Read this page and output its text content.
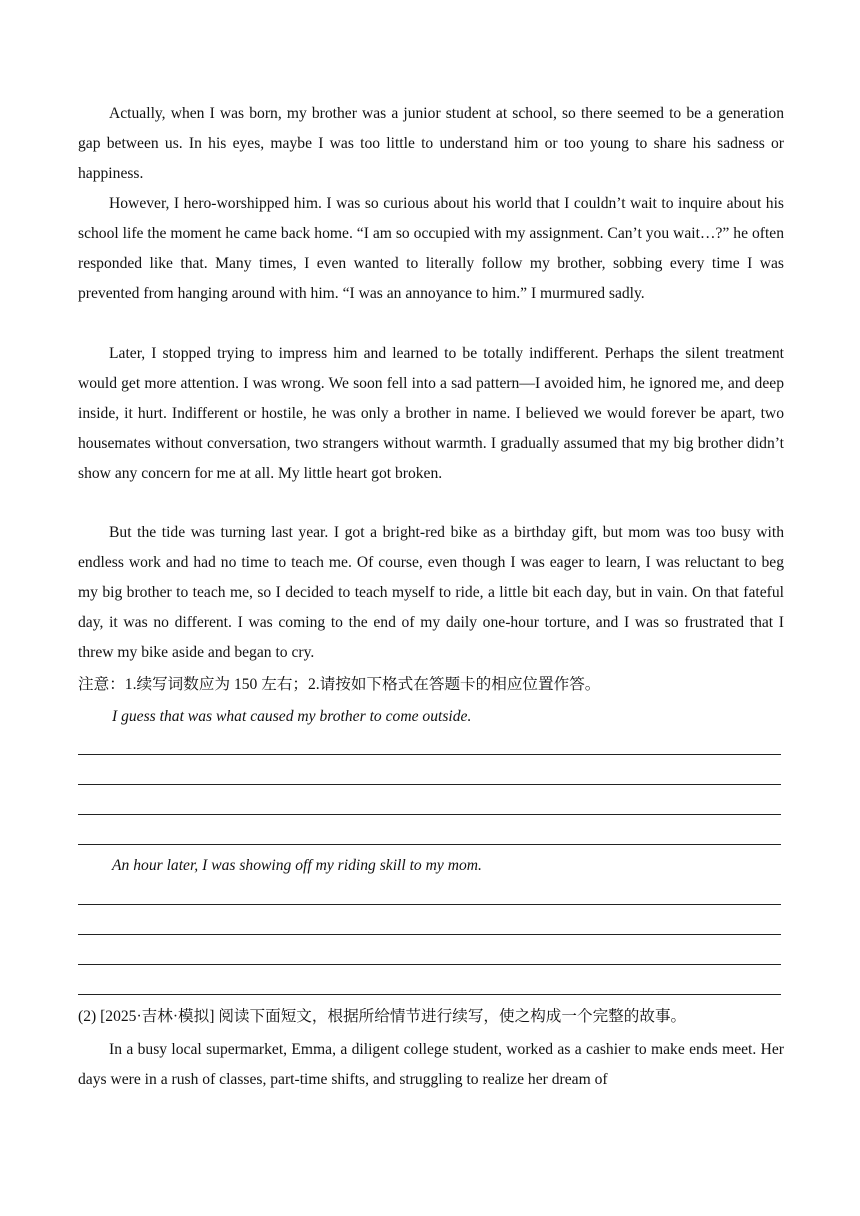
Actually, when I was born, my brother was a junior student at school, so there seemed to be a generation gap between us. In his eyes, maybe I was too little to understand him or too young to share his sadness or happiness.

However, I hero-worshipped him. I was so curious about his world that I couldn’t wait to inquire about his school life the moment he came back home. “I am so occupied with my assignment. Can’t you wait…?” he often responded like that. Many times, I even wanted to literally follow my brother, sobbing every time I was prevented from hanging around with him. “I was an annoyance to him.” I murmured sadly.

Later, I stopped trying to impress him and learned to be totally indifferent. Perhaps the silent treatment would get more attention. I was wrong. We soon fell into a sad pattern—I avoided him, he ignored me, and deep inside, it hurt. Indifferent or hostile, he was only a brother in name. I believed we would forever be apart, two housemates without conversation, two strangers without warmth. I gradually assumed that my big brother didn’t show any concern for me at all. My little heart got broken.

But the tide was turning last year. I got a bright-red bike as a birthday gift, but mom was too busy with endless work and had no time to teach me. Of course, even though I was eager to learn, I was reluctant to beg my big brother to teach me, so I decided to teach myself to ride, a little bit each day, but in vain. On that fateful day, it was no different. I was coming to the end of my daily one-hour torture, and I was so frustrated that I threw my bike aside and began to cry.

注意：1.续写词数应为 150 左右；2.请按如下格式在答题卡的相应位置作答。
I guess that was what caused my brother to come outside.
An hour later, I was showing off my riding skill to my mom.
(2) [2025·吉林·模拟] 阅读下面短文，根据所给情节进行续写，使之构成一个完整的故事。

In a busy local supermarket, Emma, a diligent college student, worked as a cashier to make ends meet. Her days were in a rush of classes, part-time shifts, and struggling to realize her dream of
